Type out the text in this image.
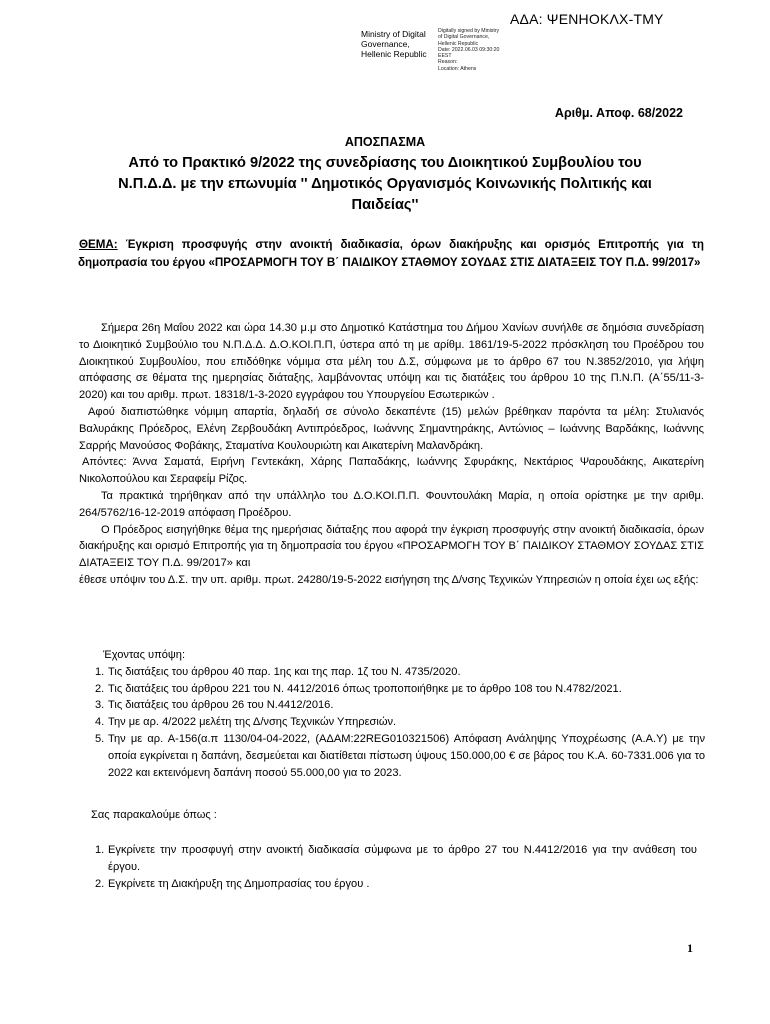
ΑΔΑ: ΨΕΝΗΟΚΛΧ-ΤΜΥ
Ministry of Digital
Governance,
Hellenic Republic
Digitally signed by Ministry
of Digital Governance,
Hellenic Republic
Date: 2022.06.03 09:30:20
EEST
Reason:
Location: Athens
Αριθμ. Αποφ. 68/2022
ΑΠΟΣΠΑΣΜΑ
Από το Πρακτικό 9/2022 της συνεδρίασης του Διοικητικού Συμβουλίου του
Ν.Π.Δ.Δ. με την επωνυμία '' Δημοτικός Οργανισμός Κοινωνικής Πολιτικής και
Παιδείας''
ΘΕΜΑ: Έγκριση προσφυγής στην ανοικτή διαδικασία, όρων διακήρυξης και ορισμός Επιτροπής για τη δημοπρασία του έργου «ΠΡΟΣΑΡΜΟΓΗ ΤΟΥ Β΄ ΠΑΙΔΙΚΟΥ ΣΤΑΘΜΟΥ ΣΟΥΔΑΣ ΣΤΙΣ ΔΙΑΤΑΞΕΙΣ ΤΟΥ Π.Δ. 99/2017»

Σήμερα 26η Μαΐου 2022 και ώρα 14.30 μ.μ στο Δημοτικό Κατάστημα του Δήμου Χανίων συνήλθε σε δημόσια συνεδρίαση το Διοικητικό Συμβούλιο του Ν.Π.Δ.Δ. Δ.Ο.ΚΟΙ.Π.Π, ύστερα από τη με αρίθμ. 1861/19-5-2022 πρόσκληση του Προέδρου του Διοικητικού Συμβουλίου, που επιδόθηκε νόμιμα στα μέλη του Δ.Σ, σύμφωνα με το άρθρο 67 του Ν.3852/2010, για λήψη απόφασης σε θέματα της ημερησίας διάταξης, λαμβάνοντας υπόψη και τις διατάξεις του άρθρου 10 της Π.Ν.Π. (Α΄55/11-3-2020) και του αριθμ. πρωτ. 18318/1-3-2020 εγγράφου του Υπουργείου Εσωτερικών .

Αφού διαπιστώθηκε νόμιμη απαρτία, δηλαδή σε σύνολο δεκαπέντε (15) μελών βρέθηκαν παρόντα τα μέλη: Στυλιανός Βαλυράκης Πρόεδρος, Ελένη Ζερβουδάκη Αντιπρόεδρος, Ιωάννης Σημαντηράκης, Αντώνιος – Ιωάννης Βαρδάκης, Ιωάννης Σαρρής Μανούσος Φοβάκης, Σταματίνα Κουλουριώτη και Αικατερίνη Μαλανδράκη.

Απόντες: Άννα Σαματά, Ειρήνη Γεντεκάκη, Χάρης Παπαδάκης, Ιωάννης Σφυράκης, Νεκτάριος Ψαρουδάκης, Αικατερίνη Νικολοπούλου και Σεραφείμ Ρίζος.

Τα πρακτικά τηρήθηκαν από την υπάλληλο του Δ.Ο.ΚΟΙ.Π.Π. Φουντουλάκη Μαρία, η οποία ορίστηκε με την αριθμ. 264/5762/16-12-2019 απόφαση Προέδρου.

Ο Πρόεδρος εισηγήθηκε θέμα της ημερήσιας διάταξης που αφορά την έγκριση προσφυγής στην ανοικτή διαδικασία, όρων διακήρυξης και ορισμό Επιτροπής για τη δημοπρασία του έργου «ΠΡΟΣΑΡΜΟΓΗ ΤΟΥ Β΄ ΠΑΙΔΙΚΟΥ ΣΤΑΘΜΟΥ ΣΟΥΔΑΣ ΣΤΙΣ ΔΙΑΤΑΞΕΙΣ ΤΟΥ Π.Δ. 99/2017» και

έθεσε υπόψιν του Δ.Σ. την υπ. αριθμ. πρωτ. 24280/19-5-2022 εισήγηση της Δ/νσης Τεχνικών Υπηρεσιών η οποία έχει ως εξής:

Έχοντας υπόψη:

1. Τις διατάξεις του άρθρου 40 παρ. 1ης και της παρ. 1ζ του Ν. 4735/2020.
2. Τις διατάξεις του άρθρου 221 του Ν. 4412/2016 όπως τροποποιήθηκε με το άρθρο 108 του Ν.4782/2021.
3. Τις διατάξεις του άρθρου 26 του Ν.4412/2016.
4. Την με αρ. 4/2022 μελέτη της Δ/νσης Τεχνικών Υπηρεσιών.
5. Την με αρ. Α-156(α.π 1130/04-04-2022, (ΑΔΑΜ:22REG010321506) Απόφαση Ανάληψης Υποχρέωσης (Α.Α.Υ) με την οποία εγκρίνεται η δαπάνη, δεσμεύεται και διατίθεται πίστωση ύψους 150.000,00 € σε βάρος του Κ.Α. 60-7331.006 για το 2022 και εκτεινόμενη δαπάνη ποσού 55.000,00 για το 2023.
Σας παρακαλούμε όπως :
1. Εγκρίνετε την προσφυγή στην ανοικτή διαδικασία σύμφωνα με το άρθρο 27 του Ν.4412/2016 για την ανάθεση του έργου.
2. Εγκρίνετε τη Διακήρυξη της Δημοπρασίας του έργου .
1
